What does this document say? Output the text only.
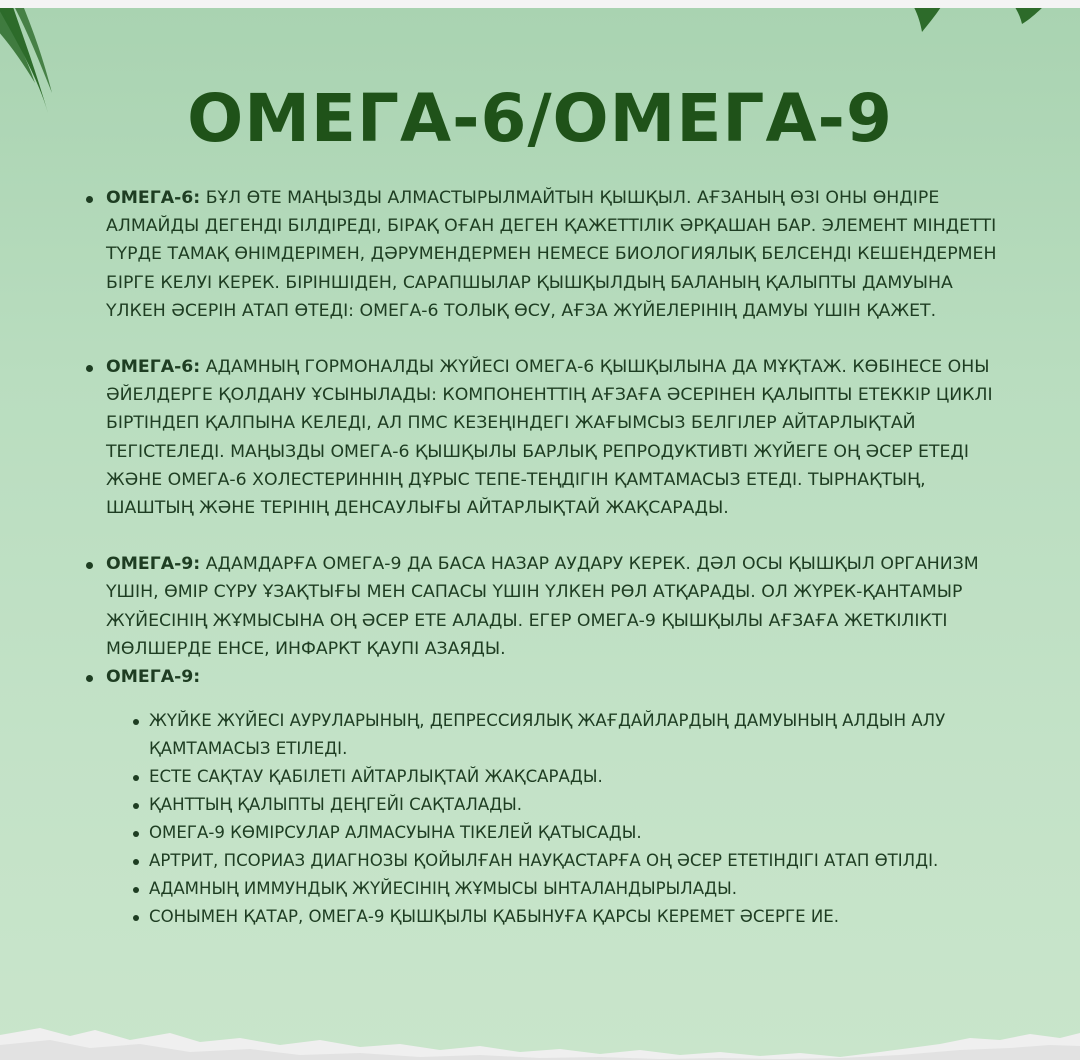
ОМЕГА-6/ОМЕГА-9
ОМЕГА-6: БҰЛ ӨТЕ МАҢЫЗДЫ АЛМАСТЫРЫЛМАЙТЫН ҚЫШҚЫЛ. АҒЗАНЫҢ ӨЗІ ОНЫ ӨНДІРЕ АЛМАЙДЫ ДЕГЕНДІ БІЛДІРЕДІ, БІРАҚ ОҒАН ДЕГЕН ҚАЖЕТТІЛІК ӘРҚАШАН БАР. ЭЛЕМЕНТ МІНДЕТТІ ТҮРДЕ ТАМАҚ ӨНІМДЕРІМЕН, ДӘРУМЕНДЕРМЕН НЕМЕСЕ БИОЛОГИЯЛЫҚ БЕЛСЕНДІ КЕШЕНДЕРМЕН БІРГЕ КЕЛУІ КЕРЕК. БІРІНШІДЕН, САРАПШЫЛАР ҚЫШҚЫЛДЫҢ БАЛАНЫҢ ҚАЛЫПТЫ ДАМУЫНА ҮЛКЕН ӘСЕРІН АТАП ӨТЕДІ: ОМЕГА-6 ТОЛЫҚ ӨСУ, АҒЗА ЖҮЙЕЛЕРІНІҢ ДАМУЫ ҮШІН ҚАЖЕТ.
ОМЕГА-6: АДАМНЫҢ ГОРМОНАЛДЫ ЖҮЙЕСІ ОМЕГА-6 ҚЫШҚЫЛЫНА ДА МҰҚТАЖ. КӨБІНЕСЕ ОНЫ ӘЙЕЛДЕРГЕ ҚОЛДАНУ ҰСЫНЫЛАДЫ: КОМПОНЕНТТІҢ АҒЗАҒА ӘСЕРІНЕН ҚАЛЫПТЫ ЕТЕККІР ЦИКЛІ БІРТІНДЕП ҚАЛПЫНА КЕЛЕДІ, АЛ ПМС КЕЗЕҢІНДЕГІ ЖАҒЫМСЫЗ БЕЛГІЛЕР АЙТАРЛЫҚТАЙ ТЕГІСТЕЛЕДІ. МАҢЫЗДЫ ОМЕГА-6 ҚЫШҚЫЛЫ БАРЛЫҚ РЕПРОДУКТИВТІ ЖҮЙЕГЕ ОҢ ӘСЕР ЕТЕДІ ЖӘНЕ ОМЕГА-6 ХОЛЕСТЕРИННІҢ ДҰРЫС ТЕПЕ-ТЕҢДІГІН ҚАМТАМАСЫЗ ЕТЕДІ. ТЫРНАҚТЫҢ, ШАШТЫҢ ЖӘНЕ ТЕРІНІҢ ДЕНСАУЛЫҒЫ АЙТАРЛЫҚТАЙ ЖАҚСАРАДЫ.
ОМЕГА-9: АДАМДАРҒА ОМЕГА-9 ДА БАСА НАЗАР АУДАРУ КЕРЕК. ДӘЛ ОСЫ ҚЫШҚЫЛ ОРГАНИЗМ ҮШІН, ӨМІР СҮРУ ҰЗАҚТЫҒЫ МЕН САПАСЫ ҮШІН ҮЛКЕН РӨЛ АТҚАРАДЫ. ОЛ ЖҮРЕК-ҚАНТАМЫР ЖҮЙЕСІНІҢ ЖҰМЫСЫНА ОҢ ӘСЕР ЕТЕ АЛАДЫ. ЕГЕР ОМЕГА-9 ҚЫШҚЫЛЫ АҒЗАҒА ЖЕТКІЛІКТІ МӨЛШЕРДЕ ЕНСЕ, ИНФАРКТ ҚАУПІ АЗАЯДЫ.
ОМЕГА-9:
ЖҮЙКЕ ЖҮЙЕСІ АУРУЛАРЫНЫҢ, ДЕПРЕССИЯЛЫҚ ЖАҒДАЙЛАРДЫҢ ДАМУЫНЫҢ АЛДЫН АЛУ ҚАМТАМАСЫЗ ЕТІЛЕДІ.
ЕСТЕ САҚТАУ ҚАБІЛЕТІ АЙТАРЛЫҚТАЙ ЖАҚСАРАДЫ.
ҚАНТТЫҢ ҚАЛЫПТЫ ДЕҢГЕЙІ САҚТАЛАДЫ.
ОМЕГА-9 КӨМІРСУЛАР АЛМАСУЫНА ТІКЕЛЕЙ ҚАТЫСАДЫ.
АРТРИТ, ПСОРИАЗ ДИАГНОЗЫ ҚОЙЫЛҒАН НАУҚАСТАРҒА ОҢ ӘСЕР ЕТЕТІНДІГІ АТАП ӨТІЛДІ.
АДАМНЫҢ ИММУНДЫҚ ЖҮЙЕСІНІҢ ЖҰМЫСЫ ЫНТАЛАНДЫРЫЛАДЫ.
СОНЫМЕН ҚАТАР, ОМЕГА-9 ҚЫШҚЫЛЫ ҚАБЫНУҒА ҚАРСЫ КЕРЕМЕТ ӘСЕРГЕ ИЕ.
